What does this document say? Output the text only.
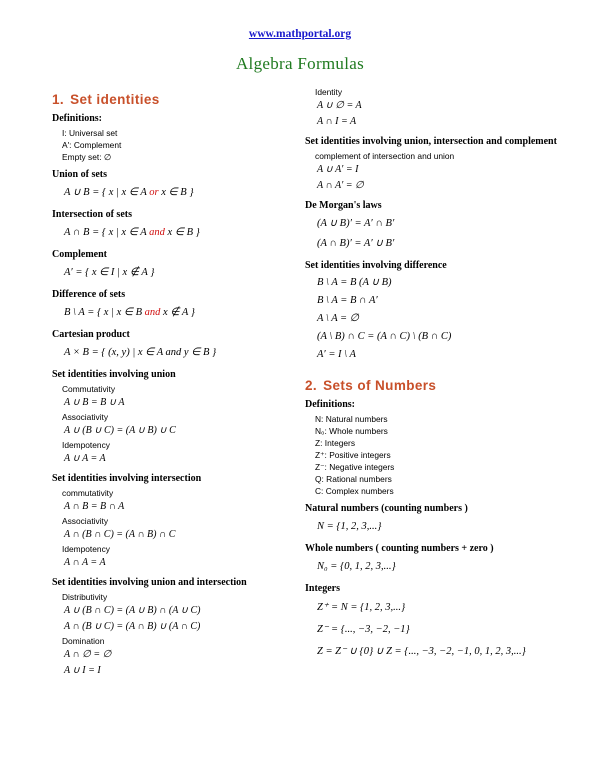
www.mathportal.org
Algebra Formulas
1. Set identities
Definitions:
I: Universal set
A': Complement
Empty set: ∅
Union of sets
A ∪ B = { x | x ∈ A or x ∈ B }
Intersection of sets
A ∩ B = { x | x ∈ A and x ∈ B }
Complement
A′ = { x ∈ I | x ∉ A }
Difference of sets
B \ A = { x | x ∈ B and x ∉ A }
Cartesian product
A × B = { (x, y) | x ∈ A and y ∈ B }
Set identities involving union
Commutativity
A ∪ B = B ∪ A
Associativity
A ∪ (B ∪ C) = (A ∪ B) ∪ C
Idempotency
A ∪ A = A
Set identities involving intersection
commutativity
A ∩ B = B ∩ A
Associativity
A ∩ (B ∩ C) = (A ∩ B) ∩ C
Idempotency
A ∩ A = A
Set identities involving union and intersection
Distributivity
A ∪ (B ∩ C) = (A ∪ B) ∩ (A ∪ C)
A ∩ (B ∪ C) = (A ∩ B) ∪ (A ∩ C)
Domination
A ∩ ∅ = ∅
A ∪ I = I
Identity
A ∪ ∅ = A
A ∩ I = A
Set identities involving union, intersection and complement
complement of intersection and union
A ∪ A′ = I
A ∩ A′ = ∅
De Morgan's laws
(A ∪ B)′ = A′ ∩ B′
(A ∩ B)′ = A′ ∪ B′
Set identities involving difference
B \ A = B (A ∪ B)
B \ A = B ∩ A′
A \ A = ∅
(A \ B) ∩ C = (A ∩ C) \ (B ∩ C)
A′ = I \ A
2. Sets of Numbers
Definitions:
N: Natural numbers
N₀: Whole numbers
Z: Integers
Z⁺: Positive integers
Z⁻: Negative integers
Q: Rational numbers
C: Complex numbers
Natural numbers (counting numbers )
N = {1, 2, 3,...}
Whole numbers ( counting numbers + zero )
N₀ = {0, 1, 2, 3,...}
Integers
Z⁺ = N = {1, 2, 3,...}
Z⁻ = {..., −3, −2, −1}
Z = Z⁻ ∪ {0} ∪ Z = {..., −3, −2, −1, 0, 1, 2, 3,...}
